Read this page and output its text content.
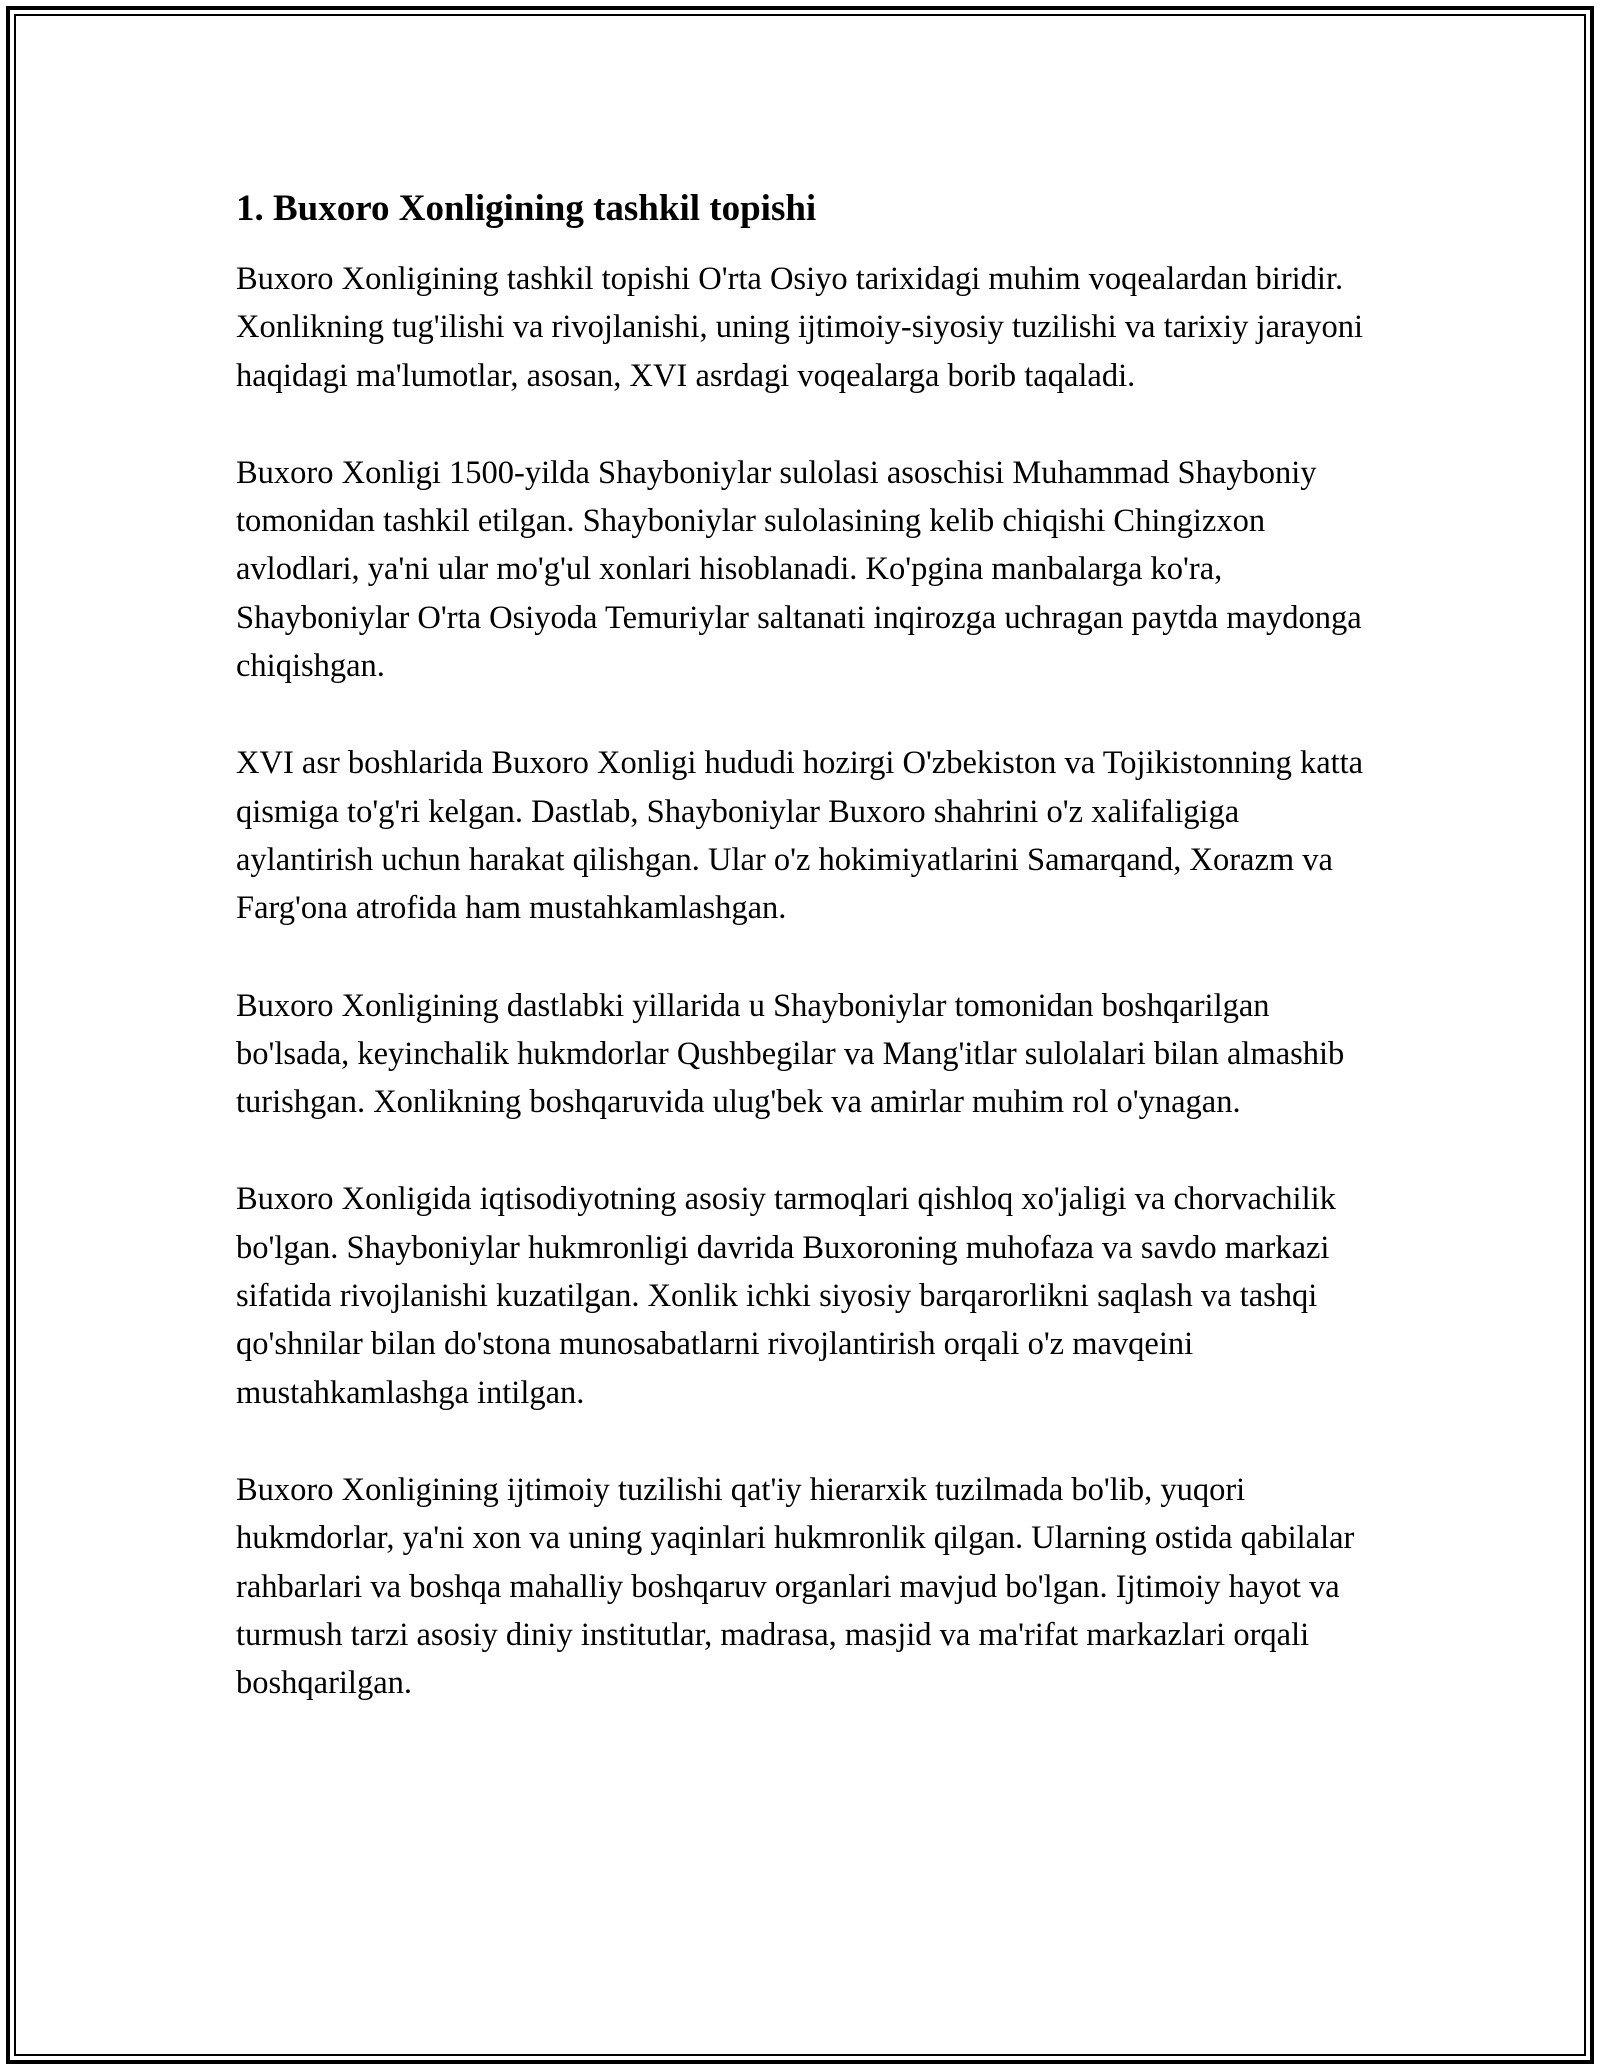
1. Buxoro Xonligining tashkil topishi

Buxoro Xonligining tashkil topishi O'rta Osiyo tarixidagi muhim voqealardan biridir. Xonlikning tug'ilishi va rivojlanishi, uning ijtimoiy-siyosiy tuzilishi va tarixiy jarayoni haqidagi ma'lumotlar, asosan, XVI asrdagi voqealarga borib taqaladi.

Buxoro Xonligi 1500-yilda Shayboniylar sulolasi asoschisi Muhammad Shayboniy tomonidan tashkil etilgan. Shayboniylar sulolasining kelib chiqishi Chingizxon avlodlari, ya'ni ular mo'g'ul xonlari hisoblanadi. Ko'pgina manbalarga ko'ra, Shayboniylar O'rta Osiyoda Temuriylar saltanati inqirozga uchragan paytda maydonga chiqishgan.

XVI asr boshlarida Buxoro Xonligi hududi hozirgi O'zbekiston va Tojikistonning katta qismiga to'g'ri kelgan. Dastlab, Shayboniylar Buxoro shahrini o'z xalifaligiga aylantirish uchun harakat qilishgan. Ular o'z hokimiyatlarini Samarqand, Xorazm va Farg'ona atrofida ham mustahkamlashgan.

Buxoro Xonligining dastlabki yillarida u Shayboniylar tomonidan boshqarilgan bo'lsada, keyinchalik hukmdorlar Qushbegilar va Mang'itlar sulolalari bilan almashib turishgan. Xonlikning boshqaruvida ulug'bek va amirlar muhim rol o'ynagan.

Buxoro Xonligida iqtisodiyotning asosiy tarmoqlari qishloq xo'jaligi va chorvachilik bo'lgan. Shayboniylar hukmronligi davrida Buxoroning muhofaza va savdo markazi sifatida rivojlanishi kuzatilgan. Xonlik ichki siyosiy barqarorlikni saqlash va tashqi qo'shnilar bilan do'stona munosabatlarni rivojlantirish orqali o'z mavqeini mustahkamlashga intilgan.

Buxoro Xonligining ijtimoiy tuzilishi qat'iy hierarxik tuzilmada bo'lib, yuqori hukmdorlar, ya'ni xon va uning yaqinlari hukmronlik qilgan. Ularning ostida qabilalar rahbarlari va boshqa mahalliy boshqaruv organlari mavjud bo'lgan. Ijtimoiy hayot va turmush tarzi asosiy diniy institutlar, madrasa, masjid va ma'rifat markazlari orqali boshqarilgan.
